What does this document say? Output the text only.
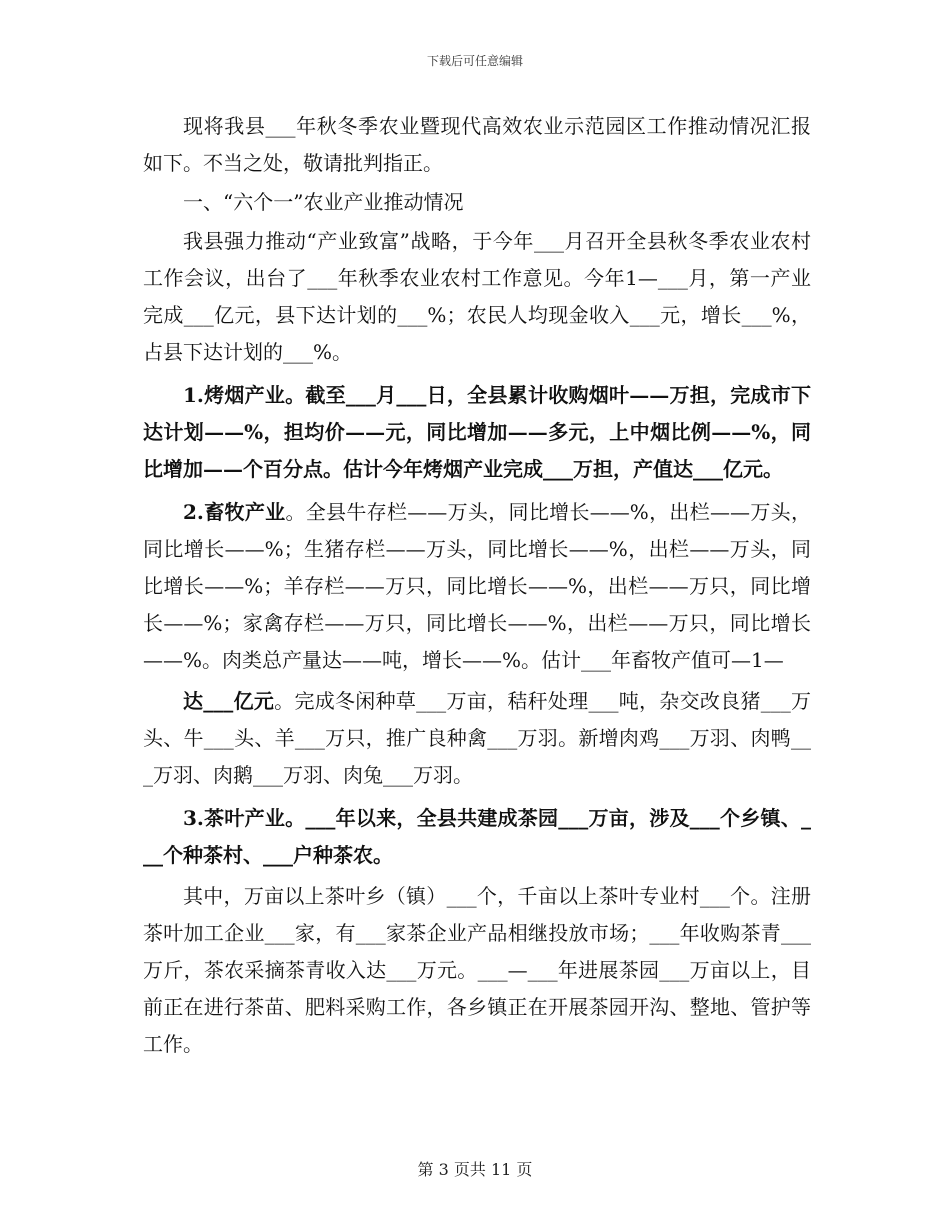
下载后可任意编辑

现将我县___年秋冬季农业暨现代高效农业示范园区工作推动情况汇报如下。不当之处，敬请批判指正。

一、“六个一”农业产业推动情况

我县强力推动“产业致富”战略，于今年___月召开全县秋冬季农业农村工作会议，出台了___年秋季农业农村工作意见。今年1—___月，第一产业完成___亿元，县下达计划的___%；农民人均现金收入___元，增长___%，占县下达计划的___%。

1.烤烟产业。截至___月___日，全县累计收购烟叶——万担，完成市下达计划——%，担均价——元，同比增加——多元，上中烟比例——%，同比增加——个百分点。估计今年烤烟产业完成___万担，产值达___亿元。

2.畜牧产业。全县牛存栏——万头，同比增长——%，出栏——万头，同比增长——%；生猪存栏——万头，同比增长——%，出栏——万头，同比增长——%；羊存栏——万只，同比增长——%，出栏——万只，同比增长——%；家禽存栏——万只，同比增长——%，出栏——万只，同比增长——%。肉类总产量达——吨，增长——%。估计___年畜牧产值可—1—

达___亿元。完成冬闲种草___万亩，秸秆处理___吨，杂交改良猪___万头、牛___头、羊___万只，推广良种禽___万羽。新增肉鸡___万羽、肉鸭___万羽、肉鹅___万羽、肉兔___万羽。

3.茶叶产业。___年以来，全县共建成茶园___万亩，涉及___个乡镇、___个种茶村、___户种茶农。

其中，万亩以上茶叶乡（镇）___个，千亩以上茶叶专业村___个。注册茶叶加工企业___家，有___家茶企业产品相继投放市场；___年收购茶青___万斤，茶农采摘茶青收入达___万元。___—___年进展茶园___万亩以上，目前正在进行茶苗、肥料采购工作，各乡镇正在开展茶园开沟、整地、管护等工作。

第 3 页共 11 页
